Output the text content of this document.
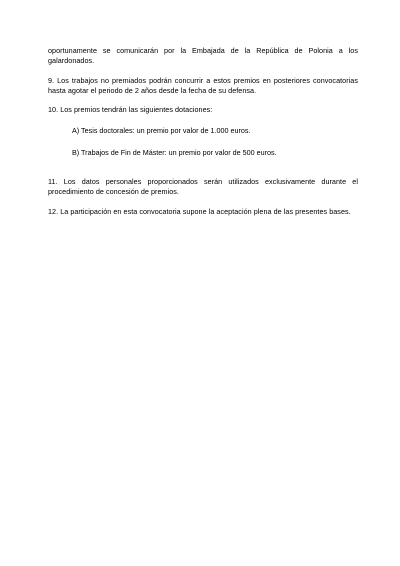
oportunamente se comunicarán por la Embajada de la República de Polonia a los galardonados.

9. Los trabajos no premiados podrán concurrir a estos premios en posteriores convocatorias hasta agotar el periodo de 2 años desde la fecha de su defensa.

10. Los premios tendrán las siguientes dotaciones:

A) Tesis doctorales: un premio por valor de 1.000 euros.

B) Trabajos de Fin de Máster: un premio por valor de 500 euros.

11. Los datos personales proporcionados serán utilizados exclusivamente durante el procedimiento de concesión de premios.

12. La participación en esta convocatoria supone la aceptación plena de las presentes bases.
